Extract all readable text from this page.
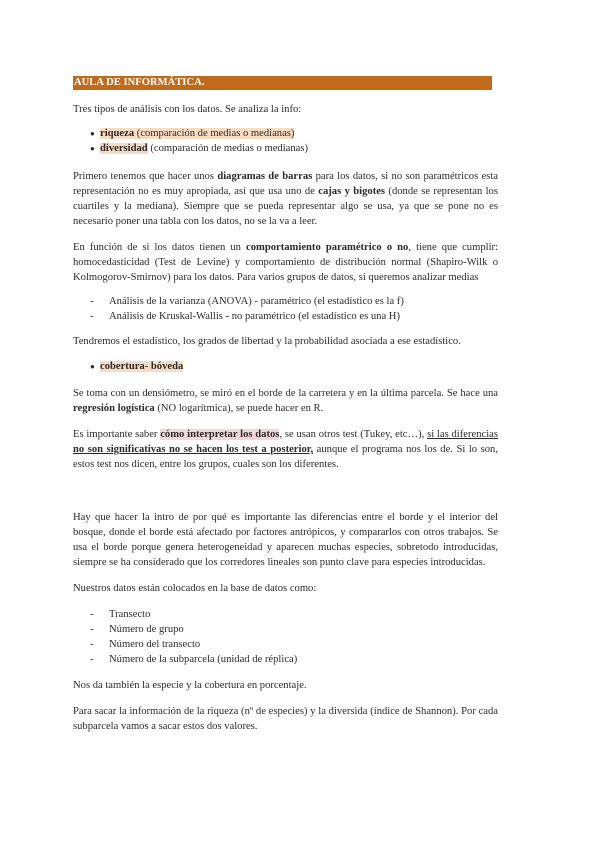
AULA DE INFORMÁTICA.

Tres tipos de análisis con los datos. Se analiza la info:

● riqueza (comparación de medias o medianas)
● diversidad (comparación de medias o medianas)

Primero tenemos que hacer unos diagramas de barras para los datos, si no son paramétricos esta representación no es muy apropiada, así que usa uno de cajas y bigotes (donde se representan los cuartiles y la mediana). Siempre que se pueda representar algo se usa, ya que se pone no es necesario poner una tabla con los datos, no se la va a leer.

En función de si los datos tienen un comportamiento paramétrico o no, tiene que cumplir: homocedasticidad (Test de Levine) y comportamiento de distribución normal (Shapiro-Wilk o Kolmogorov-Smirnov) para los datos. Para varios grupos de datos, si queremos analizar medias

- Análisis de la varianza (ANOVA) - paramétrico (el estadístico es la f)
- Análisis de Kruskal-Wallis - no paramétrico (el estadístico es una H)

Tendremos el estadístico, los grados de libertad y la probabilidad asociada a ese estadístico.

● cobertura- bóveda

Se toma con un densiómetro, se miró en el borde de la carretera y en la última parcela. Se hace una regresión logística (NO logarítmica), se puede hacer en R.

Es importante saber cómo interpretar los datos, se usan otros test (Tukey, etc…), si las diferencias no son significativas no se hacen los test a posterior, aunque el programa nos los de. Si lo son, estos test nos dicen, entre los grupos, cuales son los diferentes.

Hay que hacer la intro de por qué es importante las diferencias entre el borde y el interior del bosque, donde el borde está afectado por factores antrópicos, y compararlos con otros trabajos. Se usa el borde porque genera heterogeneidad y aparecen muchas especies, sobretodo introducidas, siempre se ha considerado que los corredores lineales son punto clave para especies introducidas.

Nuestros datos están colocados en la base de datos como:

- Transecto
- Número de grupo
- Número del transecto
- Número de la subparcela (unidad de réplica)

Nos da también la especie y la cobertura en porcentaje.

Para sacar la información de la riqueza (nº de especies) y la diversida (índice de Shannon). Por cada subparcela vamos a sacar estos dos valores.
